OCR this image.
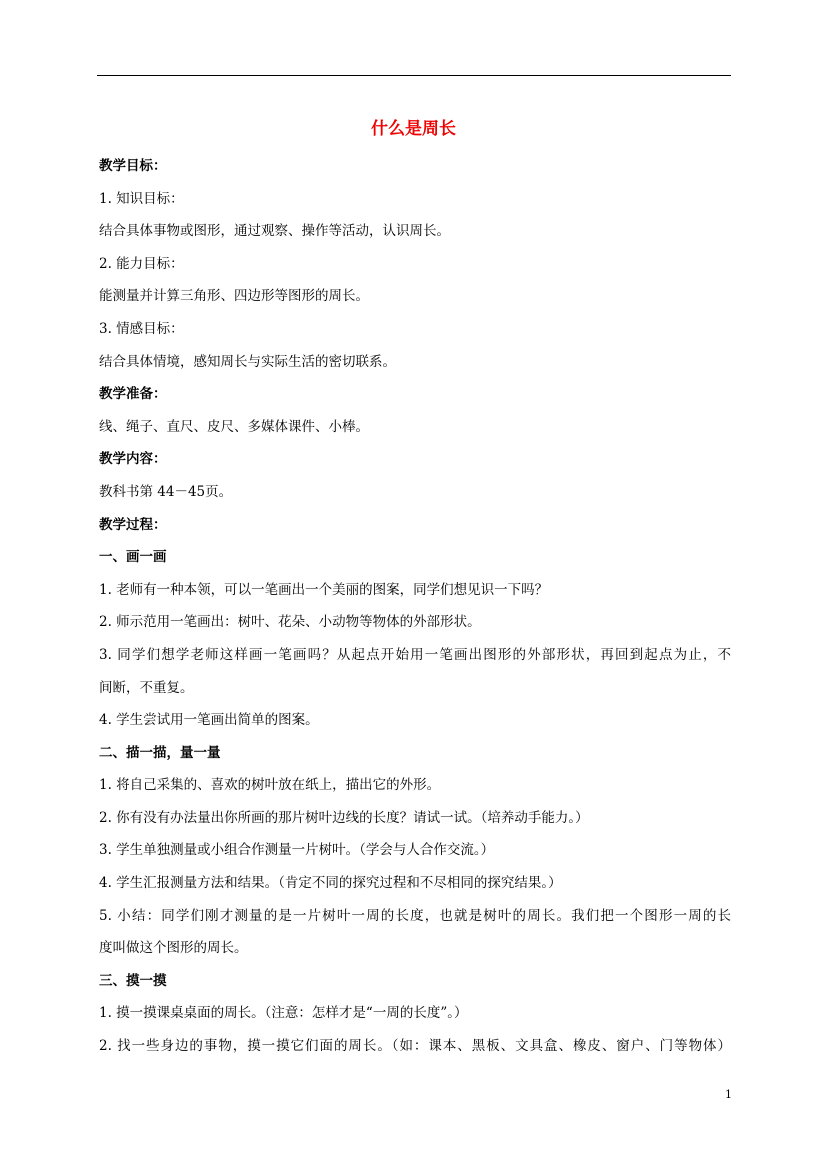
什么是周长
教学目标：
1. 知识目标：
结合具体事物或图形，通过观察、操作等活动，认识周长。
2. 能力目标：
能测量并计算三角形、四边形等图形的周长。
3. 情感目标：
结合具体情境，感知周长与实际生活的密切联系。
教学准备：
线、绳子、直尺、皮尺、多媒体课件、小棒。
教学内容：
教科书第 44－45页。
教学过程：
一、画一画
1. 老师有一种本领，可以一笔画出一个美丽的图案，同学们想见识一下吗？
2. 师示范用一笔画出：树叶、花朵、小动物等物体的外部形状。
3. 同学们想学老师这样画一笔画吗？从起点开始用一笔画出图形的外部形状，再回到起点为止，不
间断，不重复。
4. 学生尝试用一笔画出简单的图案。
二、描一描，量一量
1. 将自己采集的、喜欢的树叶放在纸上，描出它的外形。
2. 你有没有办法量出你所画的那片树叶边线的长度？请试一试。（培养动手能力。）
3. 学生单独测量或小组合作测量一片树叶。（学会与人合作交流。）
4. 学生汇报测量方法和结果。（肯定不同的探究过程和不尽相同的探究结果。）
5. 小结：同学们刚才测量的是一片树叶一周的长度，也就是树叶的周长。我们把一个图形一周的长
度叫做这个图形的周长。
三、摸一摸
1. 摸一摸课桌桌面的周长。（注意：怎样才是“一周的长度”。）
2. 找一些身边的事物，摸一摸它们面的周长。（如：课本、黑板、文具盒、橡皮、窗户、门等物体）
1
